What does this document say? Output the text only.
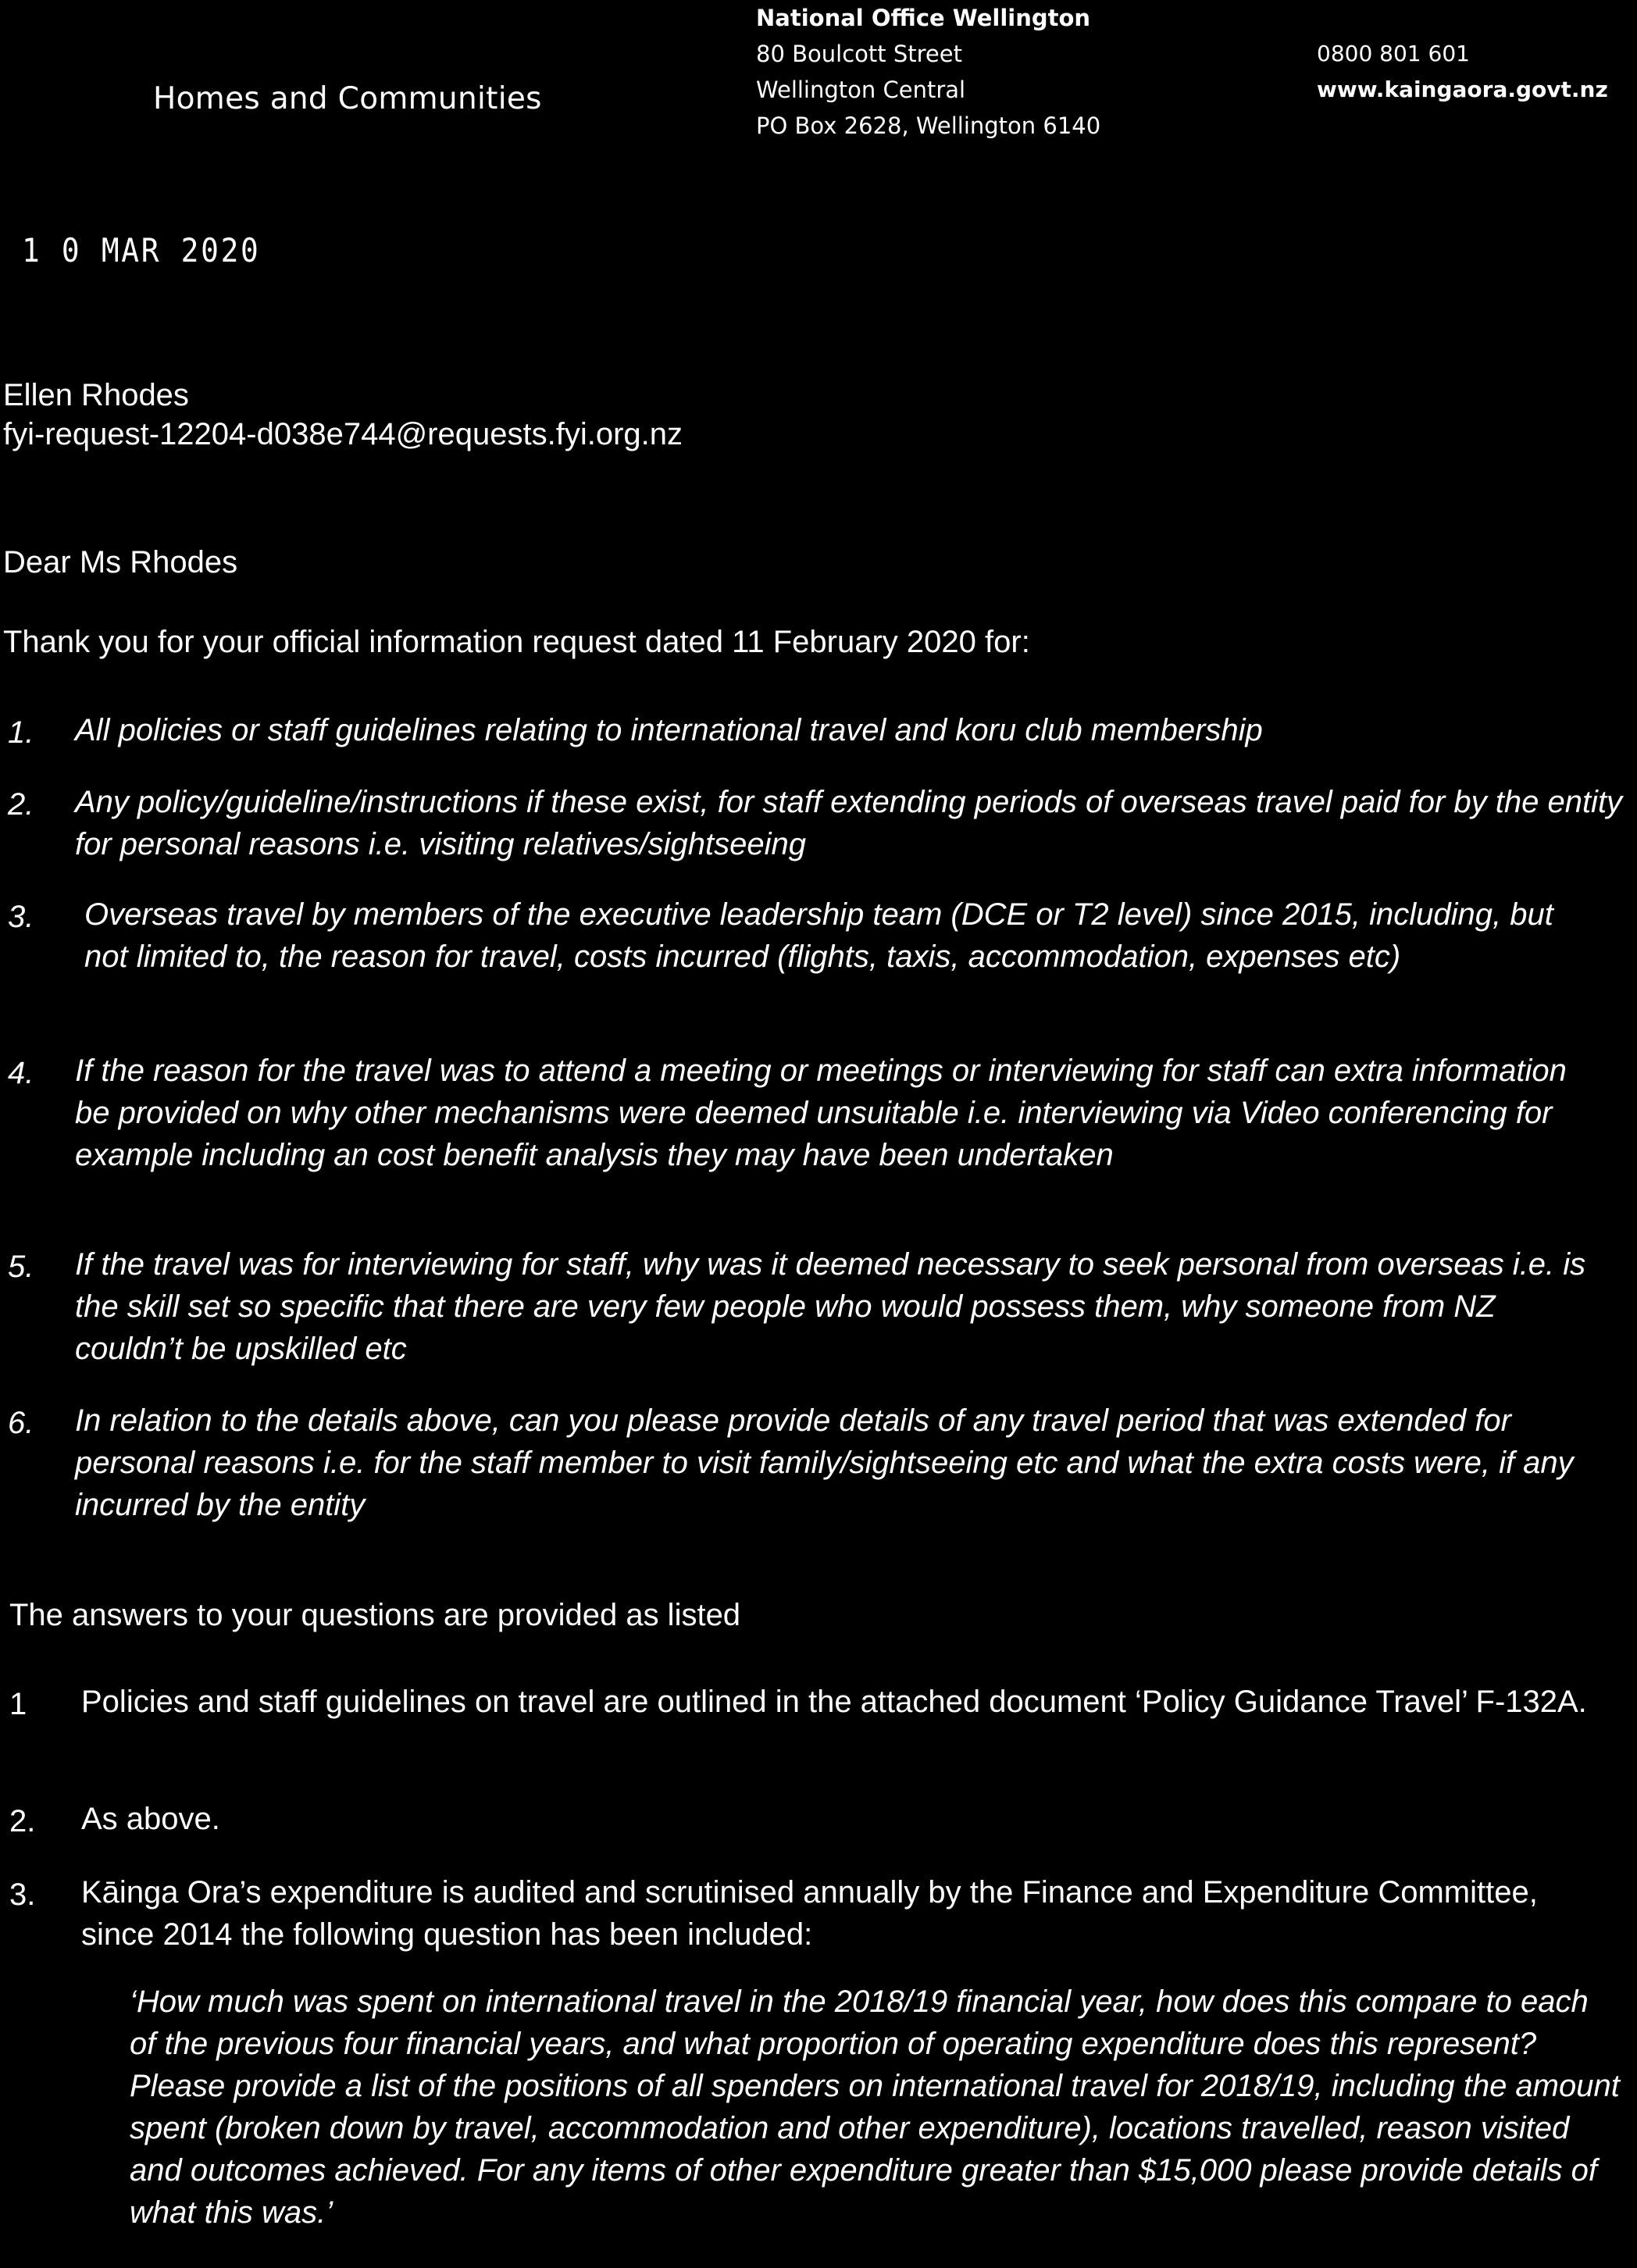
Homes and Communities
National Office Wellington
80 Boulcott Street
Wellington Central
PO Box 2628, Wellington 6140
0800 801 601
www.kaingaora.govt.nz
1 0 MAR 2020
Ellen Rhodes
fyi-request-12204-d038e744@requests.fyi.org.nz
Dear Ms Rhodes
Thank you for your official information request dated 11 February 2020 for:
1. All policies or staff guidelines relating to international travel and koru club membership
2. Any policy/guideline/instructions if these exist, for staff extending periods of overseas travel paid for by the entity for personal reasons i.e. visiting relatives/sightseeing
3. Overseas travel by members of the executive leadership team (DCE or T2 level) since 2015, including, but not limited to, the reason for travel, costs incurred (flights, taxis, accommodation, expenses etc)
4. If the reason for the travel was to attend a meeting or meetings or interviewing for staff can extra information be provided on why other mechanisms were deemed unsuitable i.e. interviewing via Video conferencing for example including an cost benefit analysis they may have been undertaken
5. If the travel was for interviewing for staff, why was it deemed necessary to seek personal from overseas i.e. is the skill set so specific that there are very few people who would possess them, why someone from NZ couldn’t be upskilled etc
6. In relation to the details above, can you please provide details of any travel period that was extended for personal reasons i.e. for the staff member to visit family/sightseeing etc and what the extra costs were, if any incurred by the entity
The answers to your questions are provided as listed
1 Policies and staff guidelines on travel are outlined in the attached document ‘Policy Guidance Travel’ F-132A.
2. As above.
3. Kāinga Ora’s expenditure is audited and scrutinised annually by the Finance and Expenditure Committee, since 2014 the following question has been included:
‘How much was spent on international travel in the 2018/19 financial year, how does this compare to each of the previous four financial years, and what proportion of operating expenditure does this represent? Please provide a list of the positions of all spenders on international travel for 2018/19, including the amount spent (broken down by travel, accommodation and other expenditure), locations travelled, reason visited and outcomes achieved. For any items of other expenditure greater than $15,000 please provide details of what this was.’
